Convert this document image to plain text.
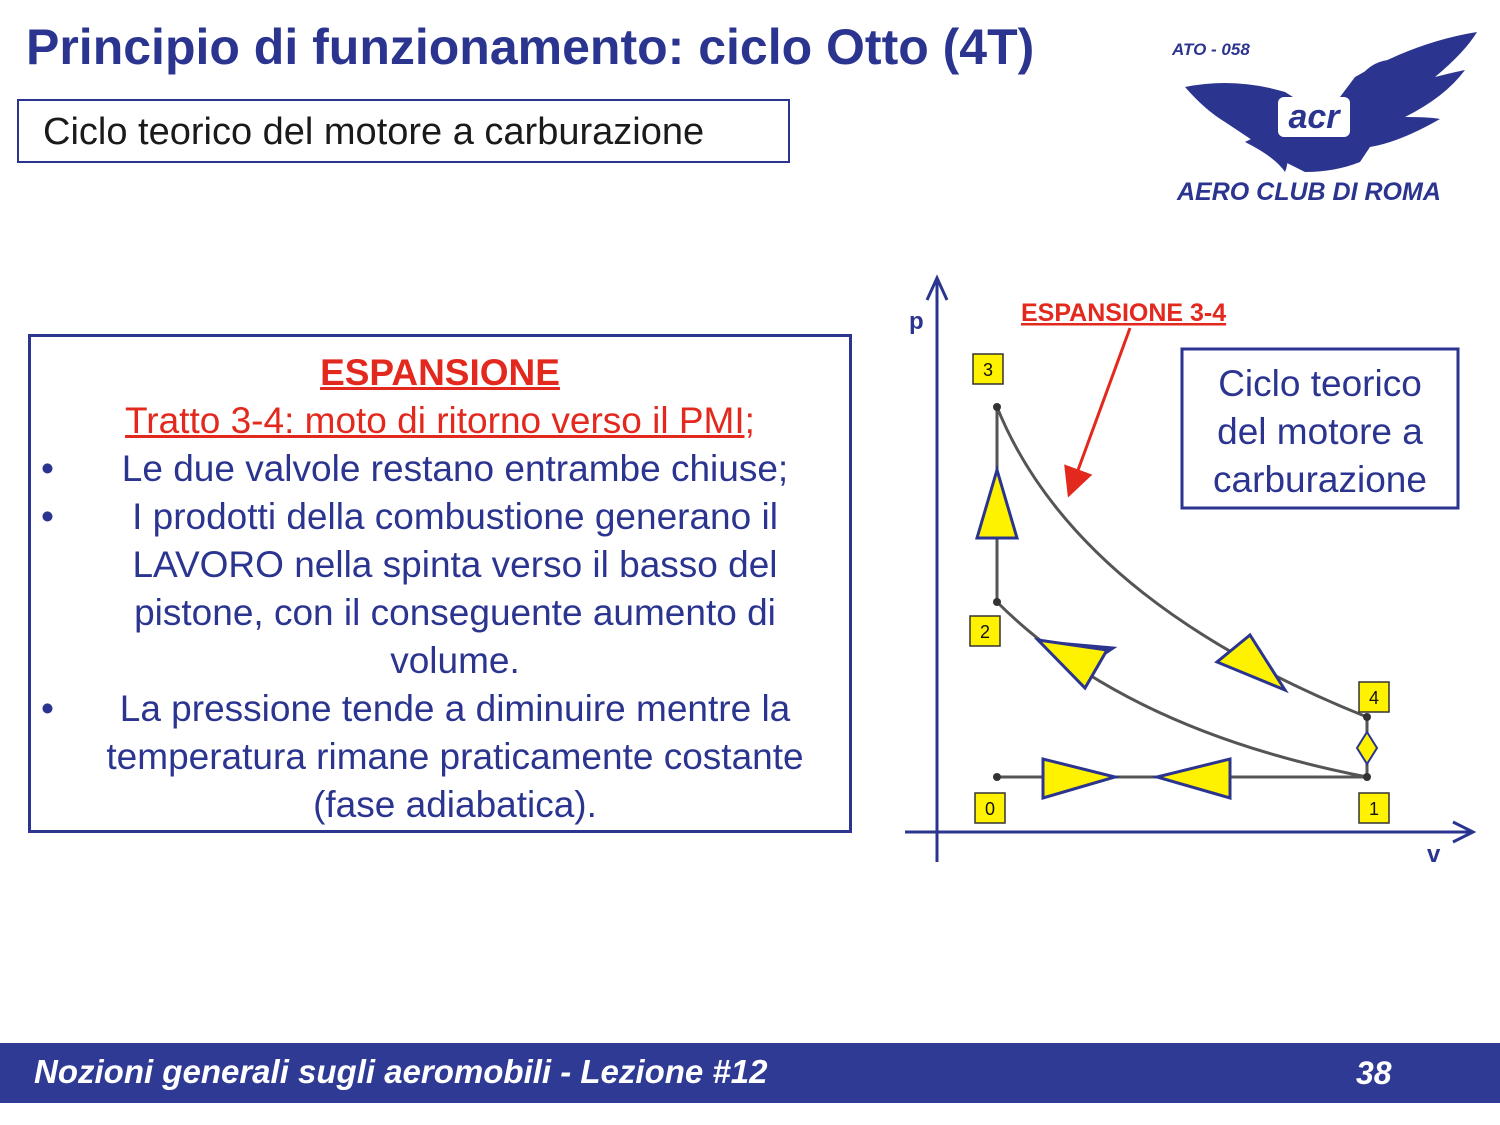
Principio di funzionamento: ciclo Otto (4T)
Ciclo teorico del motore a carburazione	acr
ATO - 058
AERO CLUB DI ROMA
ESPANSIONE
Tratto 3-4: moto di ritorno verso il PMI;
•	Le due valvole restano entrambe chiuse;
•	I prodotti della combustione generano il LAVORO nella spinta verso il basso del pistone, con il conseguente aumento di volume.
•	La pressione tende a diminuire mentre la temperatura rimane praticamente costante (fase adiabatica).
p
v
3
2
4
0	1
ESPANSIONE 3-4
Ciclo teorico
del motore a
carburazione
Nozioni generali sugli aeromobili - Lezione #12	38
